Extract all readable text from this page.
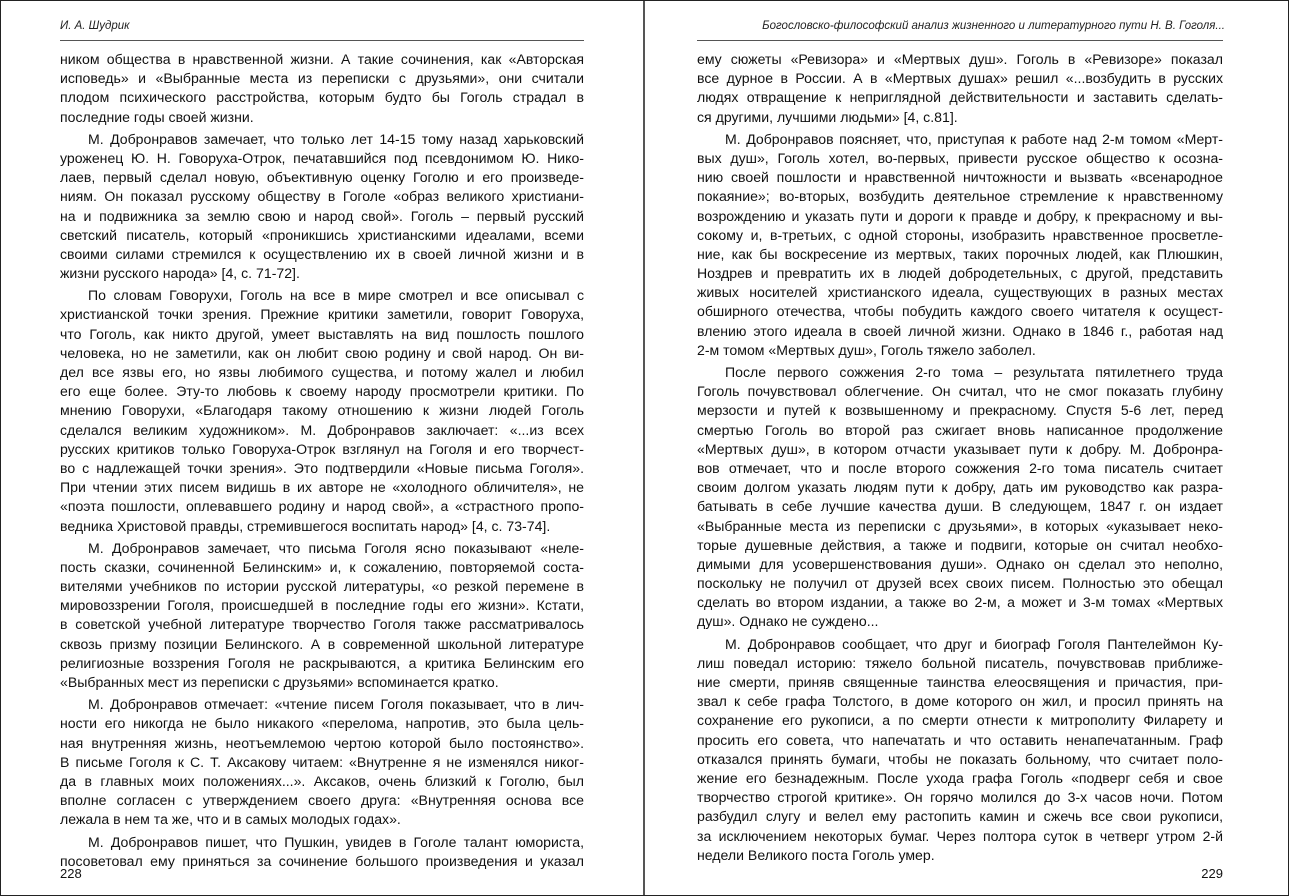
И. А. Шудрик
ником общества в нравственной жизни. А такие сочинения, как «Авторская
исповедь» и «Выбранные места из переписки с друзьями», они считали
плодом психического расстройства, которым будто бы Гоголь страдал в
последние годы своей жизни.
М. Добронравов замечает, что только лет 14-15 тому назад харьковский
уроженец Ю. Н. Говоруха-Отрок, печатавшийся под псевдонимом Ю. Нико-
лаев, первый сделал новую, объективную оценку Гоголю и его произведе-
ниям. Он показал русскому обществу в Гоголе «образ великого христиани-
на и подвижника за землю свою и народ свой». Гоголь – первый русский
светский писатель, который «проникшись христианскими идеалами, всеми
своими силами стремился к осуществлению их в своей личной жизни и в
жизни русского народа» [4, с. 71-72].
По словам Говорухи, Гоголь на все в мире смотрел и все описывал с
христианской точки зрения. Прежние критики заметили, говорит Говоруха,
что Гоголь, как никто другой, умеет выставлять на вид пошлость пошлого
человека, но не заметили, как он любит свою родину и свой народ. Он ви-
дел все язвы его, но язвы любимого существа, и потому жалел и любил
его еще более. Эту-то любовь к своему народу просмотрели критики. По
мнению Говорухи, «Благодаря такому отношению к жизни людей Гоголь
сделался великим художником». М. Добронравов заключает: «...из всех
русских критиков только Говоруха-Отрок взглянул на Гоголя и его творчест-
во с надлежащей точки зрения». Это подтвердили «Новые письма Гоголя».
При чтении этих писем видишь в их авторе не «холодного обличителя», не
«поэта пошлости, оплевавшего родину и народ свой», а «страстного пропо-
ведника Христовой правды, стремившегося воспитать народ» [4, с. 73-74].
М. Добронравов замечает, что письма Гоголя ясно показывают «неле-
пость сказки, сочиненной Белинским» и, к сожалению, повторяемой соста-
вителями учебников по истории русской литературы, «о резкой перемене в
мировоззрении Гоголя, происшедшей в последние годы его жизни». Кстати,
в советской учебной литературе творчество Гоголя также рассматривалось
сквозь призму позиции Белинского. А в современной школьной литературе
религиозные воззрения Гоголя не раскрываются, а критика Белинским его
«Выбранных мест из переписки с друзьями» вспоминается кратко.
М. Добронравов отмечает: «чтение писем Гоголя показывает, что в лич-
ности его никогда не было никакого «перелома, напротив, это была цель-
ная внутренняя жизнь, неотъемлемою чертою которой было постоянство».
В письме Гоголя к С. Т. Аксакову читаем: «Внутренне я не изменялся никог-
да в главных моих положениях...». Аксаков, очень близкий к Гоголю, был
вполне согласен с утверждением своего друга: «Внутренняя основа все
лежала в нем та же, что и в самых молодых годах».
М. Добронравов пишет, что Пушкин, увидев в Гоголе талант юмориста,
посоветовал ему приняться за сочинение большого произведения и указал
228
Богословско-философский анализ жизненного и литературного пути Н. В. Гоголя...
ему сюжеты «Ревизора» и «Мертвых душ». Гоголь в «Ревизоре» показал
все дурное в России. А в «Мертвых душах» решил «...возбудить в русских
людях отвращение к неприглядной действительности и заставить сделать-
ся другими, лучшими людьми» [4, с.81].
М. Добронравов поясняет, что, приступая к работе над 2-м томом «Мерт-
вых душ», Гоголь хотел, во-первых, привести русское общество к осозна-
нию своей пошлости и нравственной ничтожности и вызвать «всенародное
покаяние»; во-вторых, возбудить деятельное стремление к нравственному
возрождению и указать пути и дороги к правде и добру, к прекрасному и вы-
сокому и, в-третьих, с одной стороны, изобразить нравственное просветле-
ние, как бы воскресение из мертвых, таких порочных людей, как Плюшкин,
Ноздрев и превратить их в людей добродетельных, с другой, представить
живых носителей христианского идеала, существующих в разных местах
обширного отечества, чтобы побудить каждого своего читателя к осущест-
влению этого идеала в своей личной жизни. Однако в 1846 г., работая над
2-м томом «Мертвых душ», Гоголь тяжело заболел.
После первого сожжения 2-го тома – результата пятилетнего труда
Гоголь почувствовал облегчение. Он считал, что не смог показать глубину
мерзости и путей к возвышенному и прекрасному. Спустя 5-6 лет, перед
смертью Гоголь во второй раз сжигает вновь написанное продолжение
«Мертвых душ», в котором отчасти указывает пути к добру. М. Добронра-
вов отмечает, что и после второго сожжения 2-го тома писатель считает
своим долгом указать людям пути к добру, дать им руководство как разра-
батывать в себе лучшие качества души. В следующем, 1847 г. он издает
«Выбранные места из переписки с друзьями», в которых «указывает неко-
торые душевные действия, а также и подвиги, которые он считал необхо-
димыми для усовершенствования души». Однако он сделал это неполно,
поскольку не получил от друзей всех своих писем. Полностью это обещал
сделать во втором издании, а также во 2-м, а может и 3-м томах «Мертвых
душ». Однако не суждено...
М. Добронравов сообщает, что друг и биограф Гоголя Пантелеймон Ку-
лиш поведал историю: тяжело больной писатель, почувствовав приближе-
ние смерти, приняв священные таинства елеосвящения и причастия, при-
звал к себе графа Толстого, в доме которого он жил, и просил принять на
сохранение его рукописи, а по смерти отнести к митрополиту Филарету и
просить его совета, что напечатать и что оставить ненапечатанным. Граф
отказался принять бумаги, чтобы не показать больному, что считает поло-
жение его безнадежным. После ухода графа Гоголь «подверг себя и свое
творчество строгой критике». Он горячо молился до 3-х часов ночи. Потом
разбудил слугу и велел ему растопить камин и сжечь все свои рукописи,
за исключением некоторых бумаг. Через полтора суток в четверг утром 2-й
недели Великого поста Гоголь умер.
229
